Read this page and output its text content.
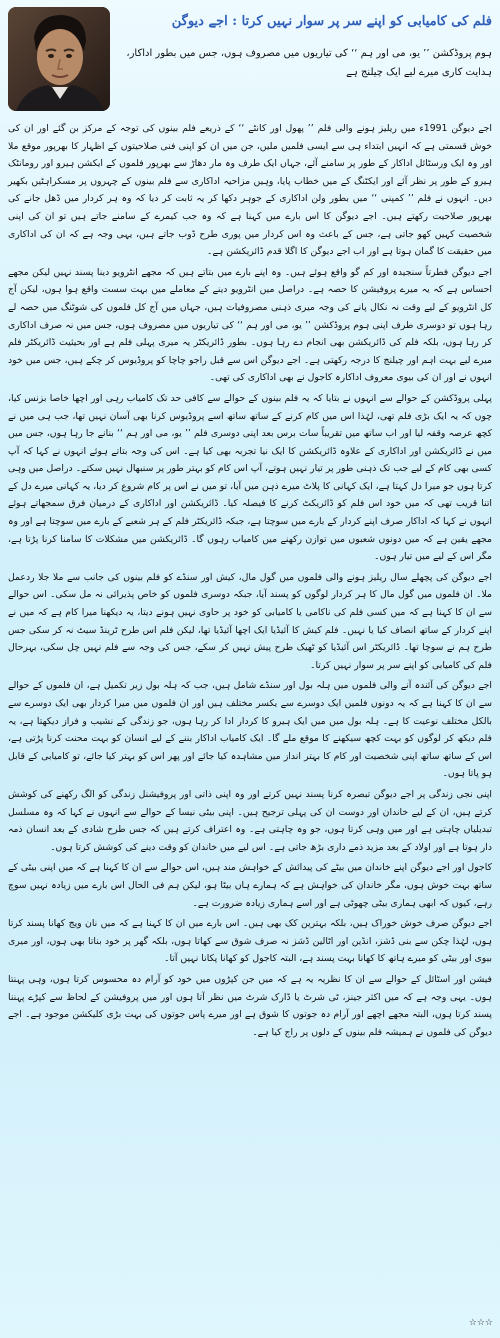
فلم کی کامیابی کو اپنے سر پر سوار نہیں کرتا : اجے دیوگن
ہوم پروڈکشن ’’ یو، می اور ہم ‘‘ کی تیاریوں میں مصروف ہوں، جس میں بطور اداکار، ہدایت کاری میرے لیے ایک چیلنج ہے

اجے دیوگن 1991ء میں ریلیز ہونے والی فلم ’’ پھول اور کانٹے ‘‘ کے ذریعے فلم بینوں کی توجہ کے مرکز بن گئے اور ان کی خوش قسمتی ہے کہ انہیں ابتداء ہی سے ایسی فلمیں ملیں، جن میں ان کو اپنی فنی صلاحیتوں کے اظہار کا بھرپور موقع ملا اور وہ ایک ورسٹائل اداکار کے طور پر سامنے آئے، جہاں ایک طرف وہ مار دھاڑ سے بھرپور فلموں کے ایکشن ہیرو اور رومانٹک ہیرو کے طور پر نظر آئے اور ایکٹنگ کے میں خطاب پایا، وہیں مزاحیہ اداکاری سے فلم بینوں کے چہروں پر مسکراہٹیں بکھیر دیں۔ انہوں نے فلم ’’ کمپنی ‘‘ میں بطور ولن اداکاری کے جوہر دکھا کر یہ ثابت کر دیا کہ وہ ہر کردار میں ڈھل جانے کی بھرپور صلاحیت رکھتے ہیں۔ اجے دیوگن کا اس بارے میں کہنا ہے کہ وہ جب کیمرے کے سامنے جاتے ہیں تو ان کی اپنی شخصیت کہیں کھو جاتی ہے، جس کے باعث وہ اس کردار میں پوری طرح ڈوب جاتے ہیں، یہی وجہ ہے کہ ان کی اداکاری میں حقیقت کا گمان ہوتا ہے اور اب اجے دیوگن کا اگلا قدم ڈائریکشن ہے۔

اجے دیوگن فطرتاً سنجیدہ اور کم گو واقع ہوئے ہیں۔ وہ اپنے بارے میں بتاتے ہیں کہ مجھے انٹرویو دینا پسند نہیں لیکن مجھے احساس ہے کہ یہ میرے پروفیشن کا حصہ ہے۔ دراصل میں انٹرویو دینے کے معاملے میں بہت سست واقع ہوا ہوں، لیکن آج کل انٹرویو کے لیے وقت نہ نکال پانے کی وجہ میری ذہنی مصروفیات ہیں، جہاں میں آج کل فلموں کی شوٹنگ میں حصہ لے رہا ہوں تو دوسری طرف اپنی ہوم پروڈکشن ’’ یو، می اور ہم ‘‘ کی تیاریوں میں مصروف ہوں، جس میں نہ صرف اداکاری کر رہا ہوں، بلکہ فلم کی ڈائریکشن بھی انجام دے رہا ہوں۔ بطور ڈائریکٹر یہ میری پہلی فلم ہے اور بحیثیت ڈائریکٹر فلم میرے لیے بہت اہم اور چیلنج کا درجہ رکھتی ہے۔ اجے دیوگن اس سے قبل راجو چاچا کو پروڈیوس کر چکے ہیں، جس میں خود انہوں نے اور ان کی بیوی معروف اداکارہ کاجول نے بھی اداکاری کی تھی۔

پہلی پروڈکشن کے حوالے سے انہوں نے بتایا کہ یہ فلم بینوں کے حوالے سے کافی حد تک کامیاب رہی اور اچھا خاصا بزنس کیا، چوں کہ یہ ایک بڑی فلم تھی، لہٰذا اس میں کام کرنے کے ساتھ ساتھ اسے پروڈیوس کرنا بھی آسان نہیں تھا، جب ہی میں نے کچھ عرصہ وقفہ لیا اور اب ساتھ میں تقریباً سات برس بعد اپنی دوسری فلم ’’ یو، می اور ہم ‘‘ بنانے جا رہا ہوں، جس میں میں نے ڈائریکشن اور اداکاری کے علاوہ ڈائریکشن کا ایک نیا تجربہ بھی کیا ہے۔ اس کی وجہ بتاتے ہوئے انہوں نے کہا کہ آپ کسی بھی کام کے لیے جب تک ذہنی طور پر تیار نہیں ہوتے، آپ اس کام کو بہتر طور پر سنبھال نہیں سکتے۔ دراصل میں وہی کرتا ہوں جو میرا دل کہتا ہے، ایک کہانی کا پلاٹ میرے ذہن میں آیا، تو میں نے اس پر کام شروع کر دیا، یہ کہانی میرے دل کے اتنا قریب تھی کہ میں خود اس فلم کو ڈائریکٹ کرنے کا فیصلہ کیا۔ ڈائریکشن اور اداکاری کے درمیان فرق سمجھاتے ہوئے انہوں نے کہا کہ اداکار صرف اپنے کردار کے بارے میں سوچتا ہے، جبکہ ڈائریکٹر فلم کے ہر شعبے کے بارے میں سوچتا ہے اور وہ مجھے یقین ہے کہ میں دونوں شعبوں میں توازن رکھنے میں کامیاب رہوں گا۔ ڈائریکشن میں مشکلات کا سامنا کرنا پڑتا ہے، مگر اس کے لیے میں تیار ہوں۔

اجے دیوگن کی پچھلے سال ریلیز ہونے والی فلموں میں گول مال، کیش اور سنڈے کو فلم بینوں کی جانب سے ملا جلا ردعمل ملا۔ ان فلموں میں گول مال کا ہر کردار لوگوں کو پسند آیا، جبکہ دوسری فلموں کو خاص پذیرائی نہ مل سکی۔ اس حوالے سے ان کا کہنا ہے کہ میں کسی فلم کی ناکامی یا کامیابی کو خود پر حاوی نہیں ہونے دیتا، یہ دیکھنا میرا کام ہے کہ میں نے اپنے کردار کے ساتھ انصاف کیا یا نہیں۔ فلم کیش کا آئیڈیا ایک اچھا آئیڈیا تھا، لیکن فلم اس طرح ٹرینڈ سیٹ نہ کر سکی جس طرح ہم نے سوچا تھا۔ ڈائریکٹر اس آئیڈیا کو ٹھیک طرح پیش نہیں کر سکے، جس کی وجہ سے فلم نہیں چل سکی، بہرحال فلم کی کامیابی کو اپنے سر پر سوار نہیں کرتا۔

اجے دیوگن کی آئندہ آنے والی فلموں میں ہلہ بول اور سنڈے شامل ہیں، جب کہ ہلہ بول زیر تکمیل ہے، ان فلموں کے حوالے سے ان کا کہنا ہے کہ یہ دونوں فلمیں ایک دوسرے سے یکسر مختلف ہیں اور ان فلموں میں میرا کردار بھی ایک دوسرے سے بالکل مختلف نوعیت کا ہے۔ ہلہ بول میں میں ایک ہیرو کا کردار ادا کر رہا ہوں، جو زندگی کے نشیب و فراز دیکھتا ہے، یہ فلم دیکھ کر لوگوں کو بہت کچھ سیکھنے کا موقع ملے گا۔ ایک کامیاب اداکار بننے کے لیے انسان کو بہت محنت کرنا پڑتی ہے، اس کے ساتھ ساتھ اپنی شخصیت اور کام کا بہتر انداز میں مشاہدہ کیا جائے اور پھر اس کو بہتر کیا جائے، تو کامیابی کے قابل ہو پاتا ہوں۔

اپنی نجی زندگی پر اجے دیوگن تبصرہ کرنا پسند نہیں کرتے اور وہ اپنی ذاتی اور پروفیشنل زندگی کو الگ رکھنے کی کوشش کرتے ہیں، ان کے لیے خاندان اور دوست ان کی پہلی ترجیح ہیں۔ اپنی بیٹی نیسا کے حوالے سے انہوں نے کہا کہ وہ مسلسل تبدیلیاں چاہتی ہے اور میں وہی کرتا ہوں، جو وہ چاہتی ہے۔ وہ اعتراف کرتے ہیں کہ جس طرح شادی کے بعد انسان ذمہ دار ہوتا ہے اور اولاد کے بعد مزید ذمے داری بڑھ جاتی ہے۔ اس لیے میں خاندان کو وقت دینے کی کوشش کرتا ہوں۔

کاجول اور اجے دیوگن اپنے خاندان میں بیٹے کی پیدائش کے خواہش مند ہیں، اس حوالے سے ان کا کہنا ہے کہ میں اپنی بیٹی کے ساتھ بہت خوش ہوں، مگر خاندان کی خواہش ہے کہ ہمارے ہاں بیٹا ہو، لیکن ہم فی الحال اس بارے میں زیادہ نہیں سوچ رہے، کیوں کہ ابھی ہماری بیٹی چھوٹی ہے اور اسے ہماری زیادہ ضرورت ہے۔

اجے دیوگن صرف خوش خوراک ہیں، بلکہ بہترین کک بھی ہیں۔ اس بارے میں ان کا کہنا ہے کہ میں نان ویج کھانا پسند کرتا ہوں، لہٰذا چکن سے بنی ڈشز، انڈین اور اٹالین ڈشز نہ صرف شوق سے کھاتا ہوں، بلکہ گھر پر خود بناتا بھی ہوں، اور میری بیوی اور بیٹی کو میرے ہاتھ کا کھانا بہت پسند ہے، البتہ کاجول کو کھانا پکانا نہیں آتا۔

فیشن اور اسٹائل کے حوالے سے ان کا نظریہ یہ ہے کہ میں جن کپڑوں میں خود کو آرام دہ محسوس کرتا ہوں، وہی پہنتا ہوں۔ یہی وجہ ہے کہ میں اکثر جینز، ٹی شرٹ یا ڈارک شرٹ میں نظر آتا ہوں اور میں پروفیشن کے لحاظ سے کپڑے پہننا پسند کرتا ہوں، البتہ مجھے اچھے اور آرام دہ جوتوں کا شوق ہے اور میرے پاس جوتوں کی بہت بڑی کلیکشن موجود ہے۔ اجے دیوگن کی فلموں نے ہمیشہ فلم بینوں کے دلوں پر راج کیا ہے۔

☆☆☆
